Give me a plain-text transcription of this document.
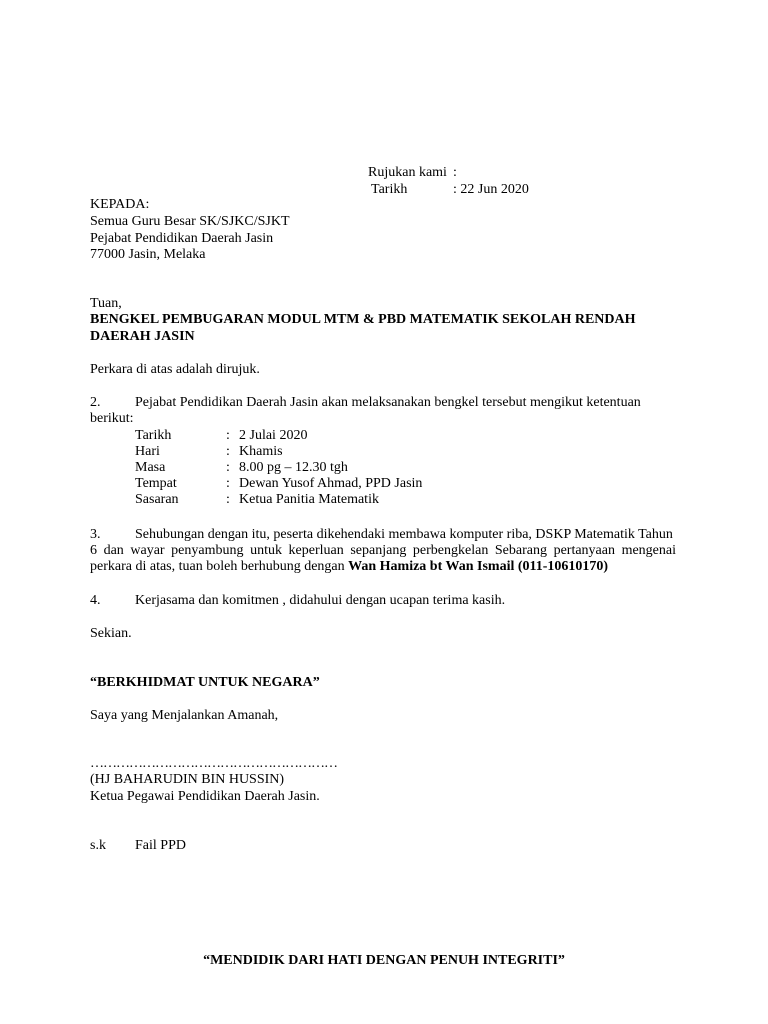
Rujukan kami :
Tarikh	: 22 Jun 2020
KEPADA:
Semua Guru Besar SK/SJKC/SJKT
Pejabat Pendidikan Daerah Jasin
77000 Jasin, Melaka
Tuan,
BENGKEL PEMBUGARAN MODUL MTM & PBD MATEMATIK SEKOLAH RENDAH
DAERAH JASIN
Perkara di atas adalah dirujuk.
2. Pejabat Pendidikan Daerah Jasin akan melaksanakan bengkel tersebut mengikut ketentuan
berikut:
Tarikh	: 2 Julai 2020
Hari	: Khamis
Masa	: 8.00 pg – 12.30 tgh
Tempat	: Dewan Yusof Ahmad, PPD Jasin
Sasaran	: Ketua Panitia Matematik
3. Sehubungan dengan itu, peserta dikehendaki membawa komputer riba, DSKP Matematik Tahun
6 dan wayar penyambung untuk keperluan sepanjang perbengkelan Sebarang pertanyaan mengenai
perkara di atas, tuan boleh berhubung dengan Wan Hamiza bt Wan Ismail (011-10610170)
4. Kerjasama dan komitmen , didahului dengan ucapan terima kasih.
Sekian.
“BERKHIDMAT UNTUK NEGARA”
Saya yang Menjalankan Amanah,
…………………………………………………
(HJ BAHARUDIN BIN HUSSIN)
Ketua Pegawai Pendidikan Daerah Jasin.
s.k Fail PPD
“MENDIDIK DARI HATI DENGAN PENUH INTEGRITI”
